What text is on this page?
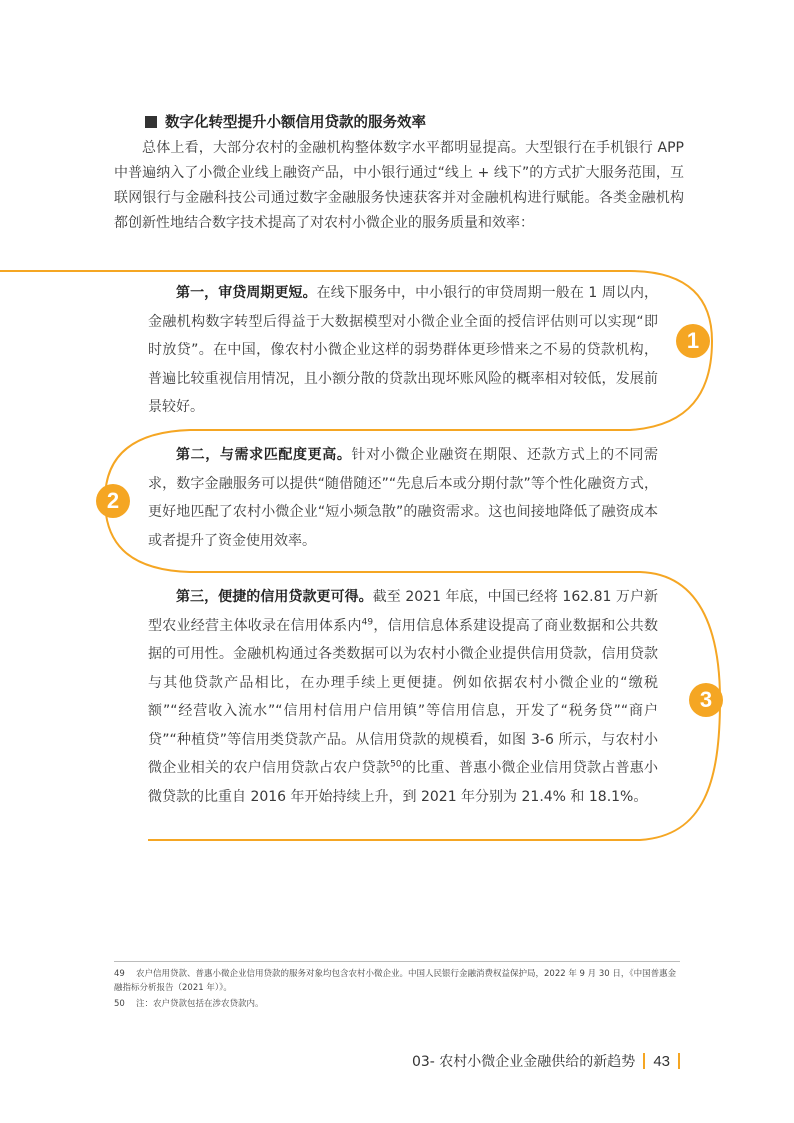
数字化转型提升小额信用贷款的服务效率

总体上看，大部分农村的金融机构整体数字水平都明显提高。大型银行在手机银行 APP 中普遍纳入了小微企业线上融资产品，中小银行通过“线上 + 线下”的方式扩大服务范围，互联网银行与金融科技公司通过数字金融服务快速获客并对金融机构进行赋能。各类金融机构都创新性地结合数字技术提高了对农村小微企业的服务质量和效率：

第一，审贷周期更短。在线下服务中，中小银行的审贷周期一般在 1 周以内，金融机构数字转型后得益于大数据模型对小微企业全面的授信评估则可以实现“即时放贷”。在中国，像农村小微企业这样的弱势群体更珍惜来之不易的贷款机构，普遍比较重视信用情况，且小额分散的贷款出现坏账风险的概率相对较低，发展前景较好。

第二，与需求匹配度更高。针对小微企业融资在期限、还款方式上的不同需求，数字金融服务可以提供“随借随还”“先息后本或分期付款”等个性化融资方式，更好地匹配了农村小微企业“短小频急散”的融资需求。这也间接地降低了融资成本或者提升了资金使用效率。

第三，便捷的信用贷款更可得。截至 2021 年底，中国已经将 162.81 万户新型农业经营主体收录在信用体系内$^{49}$，信用信息体系建设提高了商业数据和公共数据的可用性。金融机构通过各类数据可以为农村小微企业提供信用贷款，信用贷款与其他贷款产品相比，在办理手续上更便捷。例如依据农村小微企业的“缴税额”“经营收入流水”“信用村信用户信用镇”等信用信息，开发了“税务贷”“商户贷”“种植贷”等信用类贷款产品。从信用贷款的规模看，如图 3-6 所示，与农村小微企业相关的农户信用贷款占农户贷款$^{50}$的比重、普惠小微企业信用贷款占普惠小微贷款的比重自 2016 年开始持续上升，到 2021 年分别为 21.4% 和 18.1%。

1
2
3

49 农户信用贷款、普惠小微企业信用贷款的服务对象均包含农村小微企业。中国人民银行金融消费权益保护局，2022 年 9 月 30 日，《中国普惠金融指标分析报告（2021 年）》。

50 注：农户贷款包括在涉农贷款内。

03- 农村小微企业金融供给的新趋势 43
